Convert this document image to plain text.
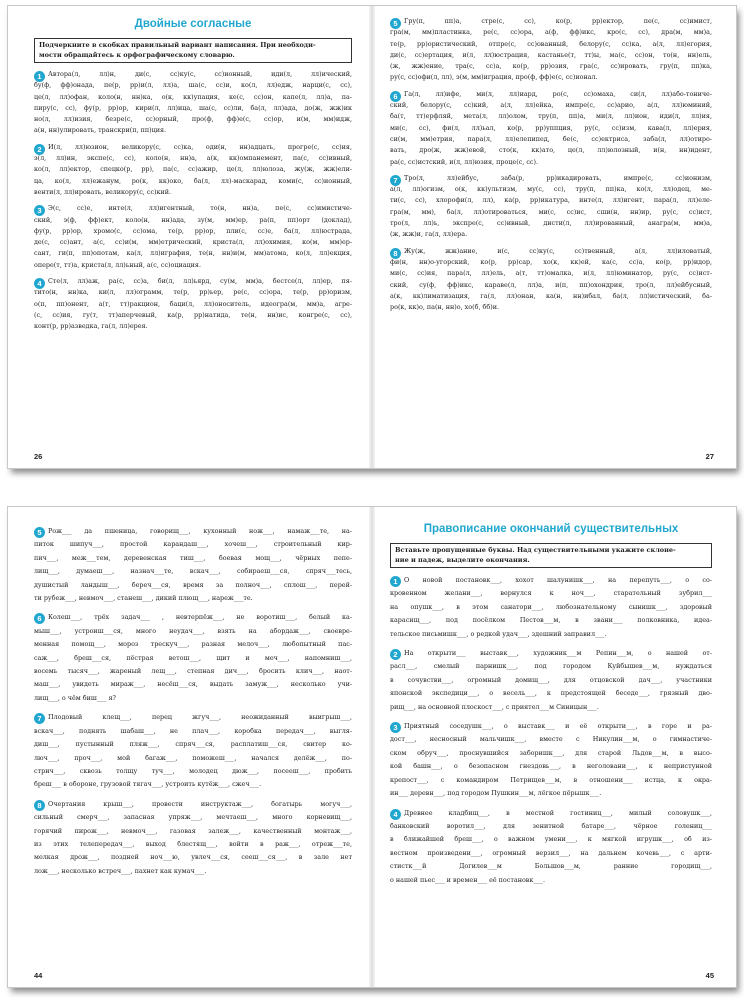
Двойные согласные
Подчеркните в скобках правильный вариант написания. При необходи-
мости обращайтесь к орфографическому словарю.
1	Автора(л, лл)н, ди(с, сс)ку(с, сс)ионный, иди(л, лл)ический,
бу(ф, фф)онада, пе(р, рр)и(л, лл)а, ша(с, сс)и, ко(л, лл)едж, нарци(с, сс),
це(л, лл)офан, коло(н, нн)ка, о(к, кк)упация, ке(с, сс)он, капе(л, лл)а, па-
пиру(с, сс), фу(р, рр)ор, кири(л, лл)ица, ша(с, сс)ли, ба(л, лл)ада, до(ж, жж)ик
но(л, лл)изия, безре(с, сс)орный, про(ф, фф)е(с, сс)ор, и(м, мм)идж,
а(н, нн)улировать, транскри(п, пп)ция.
2	И(л, лл)юзион, великору(с, сс)ка, оди(н, нн)адцать, прогре(с, сс)ия,
э(л, лл)ин, экспе(с, сс), коло(н, нн)а, а(к, кк)омпанемент, па(с, сс)ивный,
ко(л, лл)ектор, спецко(р, рр), па(с, сс)ажир, це(л, лл)юлоза, жу(ж, жж)ели-
ца, ко(л, лл)ежанум, ро(к, кк)око, ба(л, лл)-маскарад, коми(с, сс)ионный,
венти(л, лл)ировать, великору(с, сс)кий.
3	Э(с, сс)е, инте(л, лл)игентный, то(н, нн)а, пе(с, сс)имистиче-
ский, э(ф, фф)ект, коло(н, нн)ада, зу(м, мм)ер, ра(п, пп)орт (доклад),
фу(р, рр)ор, хромо(с, сс)ома, те(р, рр)ор, пли(с, сс)е, ба(л, лл)юстрада,
де(с, сс)ант, а(с, сс)и(м, мм)етрический, криста(л, лл)охимия, ко(м, мм)ер-
сант, ги(п, пп)опотам, ка(л, лл)играфия, те(н, нн)и(м, мм)атома, ко(л, лл)екция,
опере(т, тт)а, криста(л, лл)ьный, а(с, сс)оциация.
4	Сте(л, лл)аж, ра(с, сс)а, би(л, лл)ьярд, су(м, мм)а, бестсе(л, лл)ер, пя-
тито(н, нн)ка, ки(л, лл)ограмм, те(р, рр)ьер, ре(с, сс)ора, те(р, рр)оризм,
о(п, пп)онент, а(т, тт)ракцион, баци(л, лл)оноситель, идеогра(м, мм)а, агре-
(с, сс)ия, гу(т, тт)аперчевый, ка(р, рр)натида, те(н, нн)ис, конгре(с, сс),
конт(р, рр)азведка, га(л, лл)ерея.
26
5	Гру(п, пп)а, стре(с, сс), ко(р, рр)ектор, пе(с, сс)имист,
гра(м, мм)пластинка, ре(с, сс)ора, а(ф, фф)икс, кро(с, сс), дра(м, мм)а,
те(р, рр)ористический, отпре(с, сс)ованный, белору(с, сс)ка, а(л, лл)егория,
ди(с, сс)ертация, и(л, лл)юстрация, кастаньe(т, тт)ы, ма(с, сс)он, то(н, нн)ель,
(ж, жж)ение, тра(с, сс)а, ко(р, рр)озия, гра(с, сс)ировать, гру(п, пп)ка,
ру(с, сс)офи(л, лл), э(м, мм)играция, про(ф, фф)е(с, сс)ионал.
6	Га(л, лл)ифе, ми(л, лл)иард, ро(с, сс)омаха, си(л, лл)або-тониче-
ский, белору(с, сс)кий, а(л, лл)ейка, импре(с, сс)арио, а(л, лл)юминий,
ба(т, тт)ерфляй, мета(л, лл)олом, тру(п, пп)а, ми(л, лл)ион, иди(л, лл)ия,
ми(с, сс), фи(л, лл)ьал, ко(р, рр)уппция, ру(с, сс)изм, кава(л, лл)ерия,
си(м, мм)етрия, пара(л, лл)елепипед, бе(с, сс)ектриса, заба(л, лл)отиро-
вать, дро(ж, жж)евой, сто(к, кк)ато, це(л, лл)юлозный, и(н, нн)идент,
ра(с, сс)истский, и(л, лл)юзия, проце(с, сс).
7	Тро(л, лл)ейбус, заба(р, рр)икадировать, импре(с, сс)ионизм,
а(л, лл)огизм, о(к, кк)ультизм, му(с, сс), тру(п, пп)ка, ко(л, лл)одец, ме-
ти(с, сс), хлорофи(л, лл), ка(р, рр)икатура, инте(л, лл)игент, пара(л, лл)еле-
гра(м, мм), ба(л, лл)отироваться, ми(с, сс)ис, сши(н, нн)ир, ру(с, сс)ист,
тро(л, лл)ь, экспре(с, сс)ивный, дисти(л, лл)ированный, анагра(м, мм)а,
(ж, жж)и, га(л, лл)ера.
8	Жу(ж, жж)ание, и(с, сс)ку(с, сс)твенный, а(л, лл)иловатый,
фи(н, нн)о-угорский, ко(р, рр)сар, хо(к, кк)ей, ка(с, сс)а, ко(р, рр)идор,
ми(с, сс)ия, пара(л, лл)ель, а(т, тт)омалка, и(л, лл)юминатор, ру(с, сс)ист-
ский, су(ф, фф)икс, караве(л, лл)а, и(п, пп)охондрия, тро(л, лл)ейбусный,
а(к, кк)лиматизация, га(л, лл)онан, ка(н, нн)ибал, ба(л, лл)истический, ба-
ро(к, кк)о, па(н, нн)о, хо(б, бб)и.
27
5	Рож___ да пшеница, говорищ___, кухонный нож___, намаж___те, на-
питок шипуч___, простой карандаш___, хочеш___, строительный кир-
пич___, меж___тем, деревенская тиш___, боевая мощ___, чёрных пепе-
лищ___, думаеш___, назнач___те, вскач___, собираеш___ся, спряч___тесь,
душистый ландыш___, береч___ся, время за полноч___, сплош___, перей-
ти рубеж___, невмоч___, станеш___, дикий плющ___, нареж___те.
6	Колеш___, трёх задач___ , невтерпёж___, не воротиш___, белый ка-
мыш___, устроиш___ся, много неудач___, взять на абордаж___, своевре-
менная помощ___, мороз трескуч___, разная мелоч___, любопытный пас-
саж___, бреш___ся, пёстрая ветош___, щит и меч___, напомниш___,
восемь тысяч___, жареный лещ___, степная дич___, бросить клич___, наот-
маш___, увидеть мираж___, несёш___ся, выдать замуж___, несколько учи-
лищ___, о чём биш___ я?
7	Плодовый клещ___, перец жгуч___, неожиданный выигрыш___,
вскач___, поднять шабаш___, не плач___, коробка передач___, выгля-
диш___, пустынный пляж___, спряч___ся, расплатиш___ся, свитер ко-
люч___, проч___, мой багаж___, поможеш___, начался делёж___, по-
стрич___, сквозь толщу туч___, молодец дюж___, посееш___, пробить
бреш___ в обороне, грузовой тягач___, устроить кутёж___, сжеч___.
8	Очертания крыш___, провести инструктаж___, богатырь могуч___,
сильный смерч___, запасная упряж___, мечтаеш___, много корневищ___,
горячий пирож___, невмоч___, газовая залеж___, качественный монтаж___,
из этих телепередач___, выход блестящ___, войти в раж___, отреж___те,
мелкая дрож___, поздней ноч___ю, увлеч___ся, сееш___ся___, в зале нет
лож___, несколько встреч___, пахнет как кумач___.
44
Правописание окончаний существительных
Вставьте пропущенные буквы. Над существительными укажите склоне-
ние и падеж, выделите окончания.
1	О новой постановк___, хохот шалунишк___, на перепуть___, о со-
кровенном желани___, вернулся к ноч___, старательный зубрил___
на опушк___, в этом санатори___, любознательному сынишк___, здоровый
карасищ___, под посёлком Пестов___м, в звани___ полковника, идеа-
тельское письмишк___, о редкой удач___, здешний заправил___.
2	На открыти___ выставк___, художник___м Репин___м, о нашей от-
расл___, смелый парнишк___, под городом Куйбышев___м, нуждаться
в сочувстви___, огромный домищ___, для отцовской дач___, участники
японской экспедици___, о весель___, к предстоящей беседе___, грязный дво-
рищ___, на основной плоскост___, с приятел___м Синицын___.
3	Приятный соседушк___, о выставк___ и её открыти___, в горе и ра-
дост___, несносный мальчишк___, вместе с Никулин___м, о гимнастиче-
ском обруч___, проснувшийся заборишк___, для старой Льдов___м, в высо-
кой башн___, о безопасном гнездовь___, в неголовани___, к непристунной
крепост___, с командиром Петрищев___м, в отношени___ истца, к окра-
ин___ деревн___, под городом Пушкин___м, лёгкое пёрышк___.
4	Древнее кладбищ___, в местной гостиниц___, милый соловушк___,
банковский воротил___, для зенитной батаре___, чёрное голениц___
в ближайшей бреш___, о важном умени___, к мягкой игрушк___, об из-
вестном произведени___, огромный верзил___, на дальнем кочевь___, с арти-
стистк___й Догилев___м Большов___м, ранние городищ___,
о нашей пьес___ и времен___ её постановк___.
45
